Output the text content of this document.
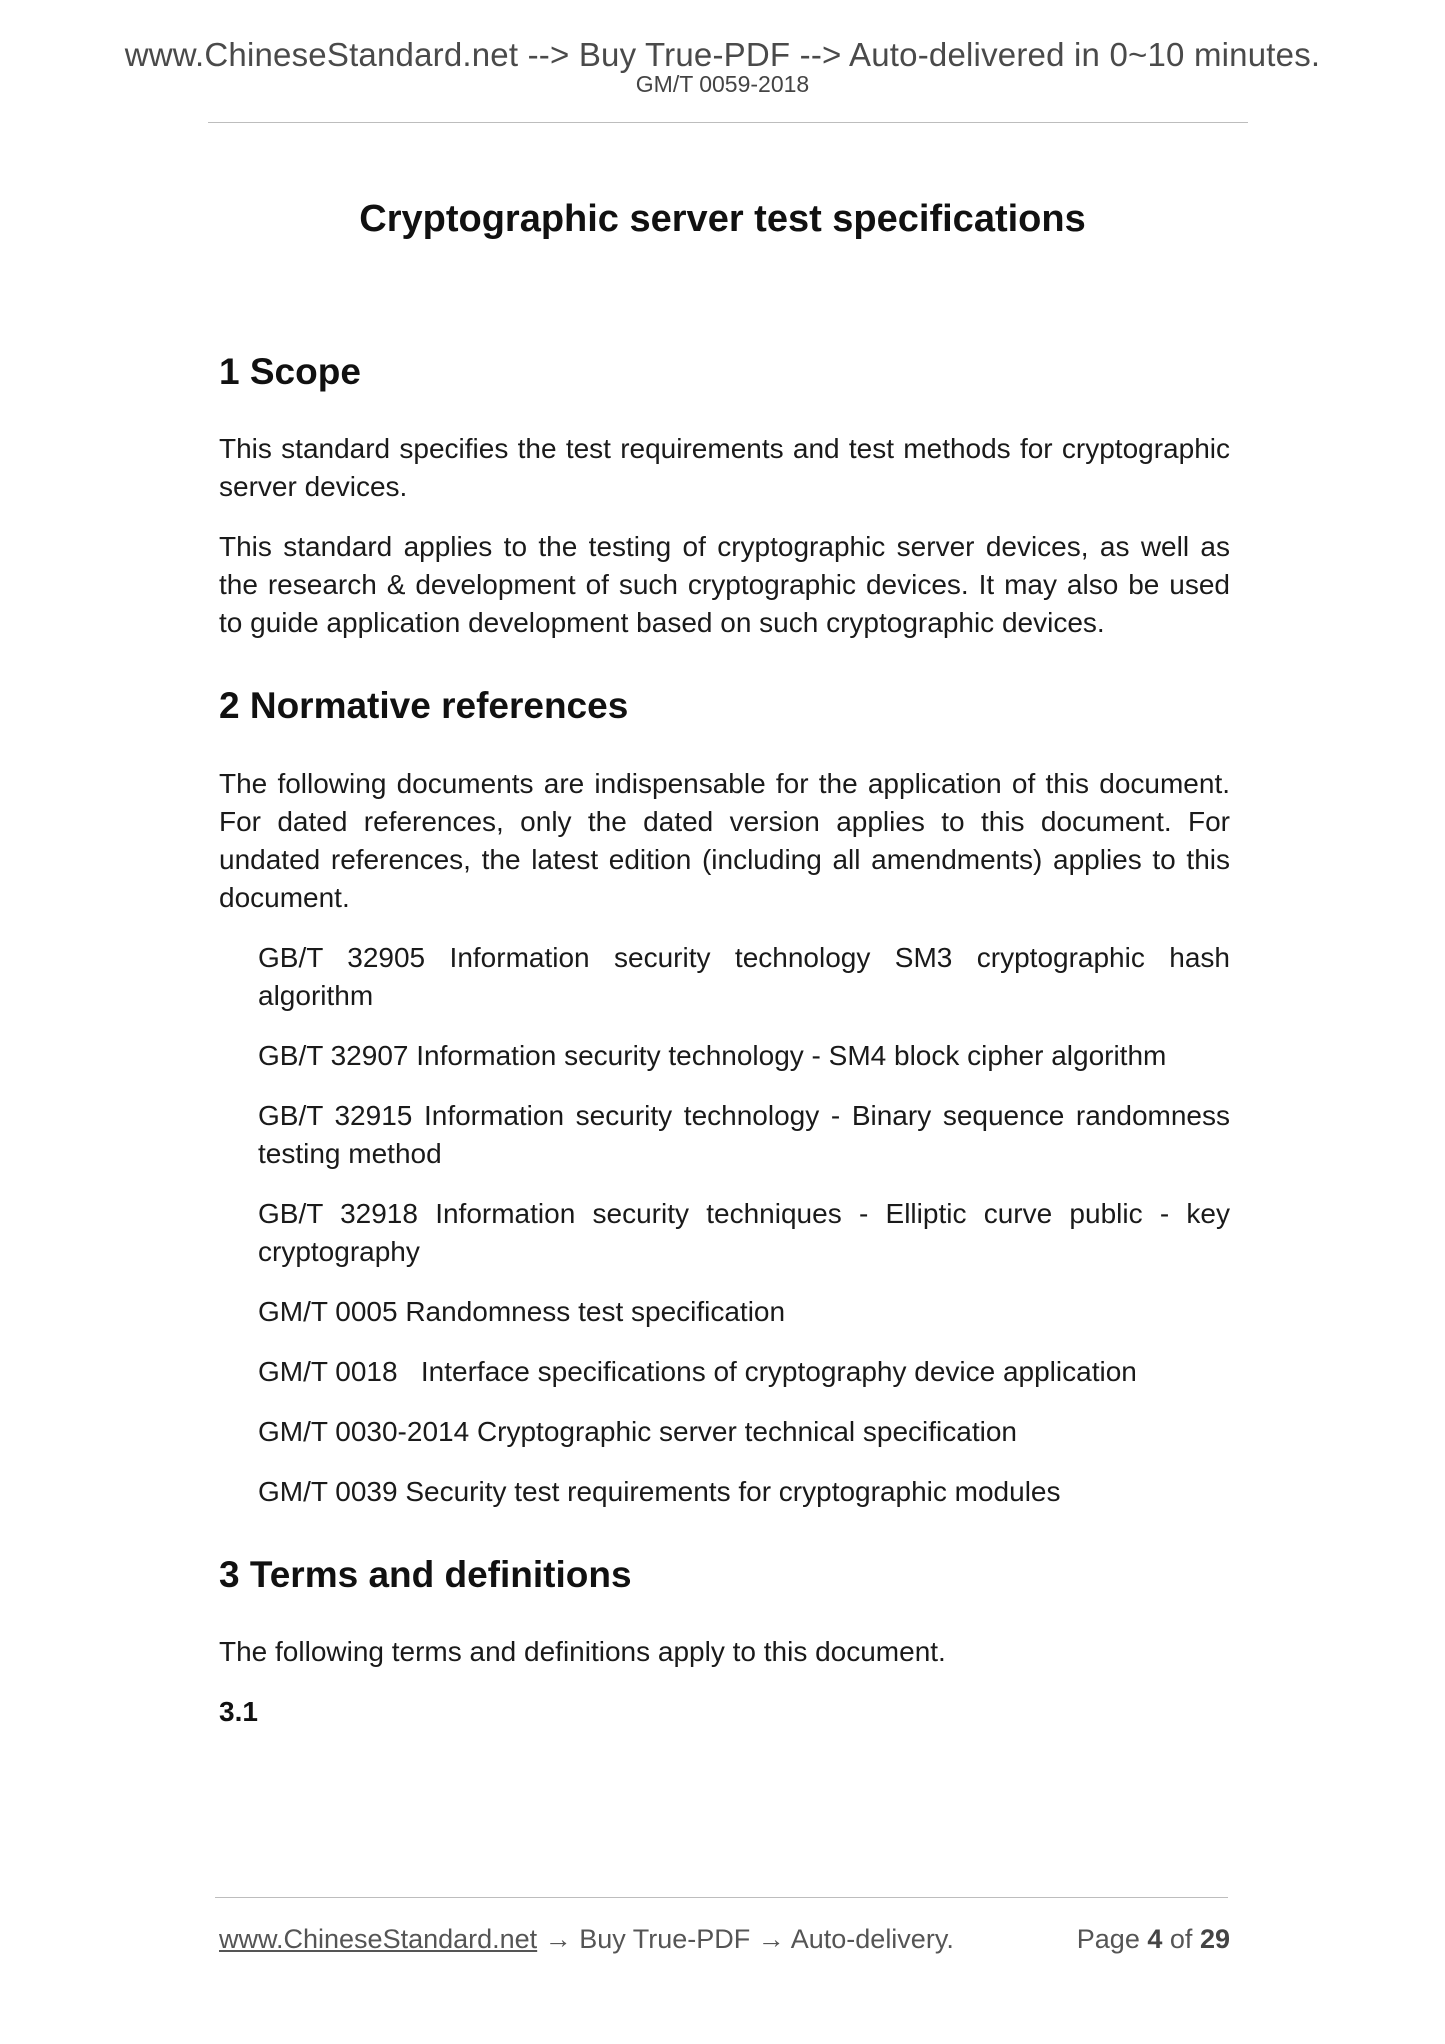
www.ChineseStandard.net --> Buy True-PDF --> Auto-delivered in 0~10 minutes.
GM/T 0059-2018
Cryptographic server test specifications
1 Scope

This standard specifies the test requirements and test methods for cryptographic server devices.

This standard applies to the testing of cryptographic server devices, as well as the research & development of such cryptographic devices. It may also be used to guide application development based on such cryptographic devices.

2 Normative references

The following documents are indispensable for the application of this document. For dated references, only the dated version applies to this document. For undated references, the latest edition (including all amendments) applies to this document.

GB/T 32905 Information security technology SM3 cryptographic hash algorithm
GB/T 32907 Information security technology - SM4 block cipher algorithm
GB/T 32915 Information security technology - Binary sequence randomness testing method
GB/T 32918 Information security techniques - Elliptic curve public - key cryptography
GM/T 0005 Randomness test specification
GM/T 0018   Interface specifications of cryptography device application
GM/T 0030-2014 Cryptographic server technical specification
GM/T 0039 Security test requirements for cryptographic modules
3 Terms and definitions

The following terms and definitions apply to this document.

3.1
www.ChineseStandard.net → Buy True-PDF → Auto-delivery.	Page 4 of 29
